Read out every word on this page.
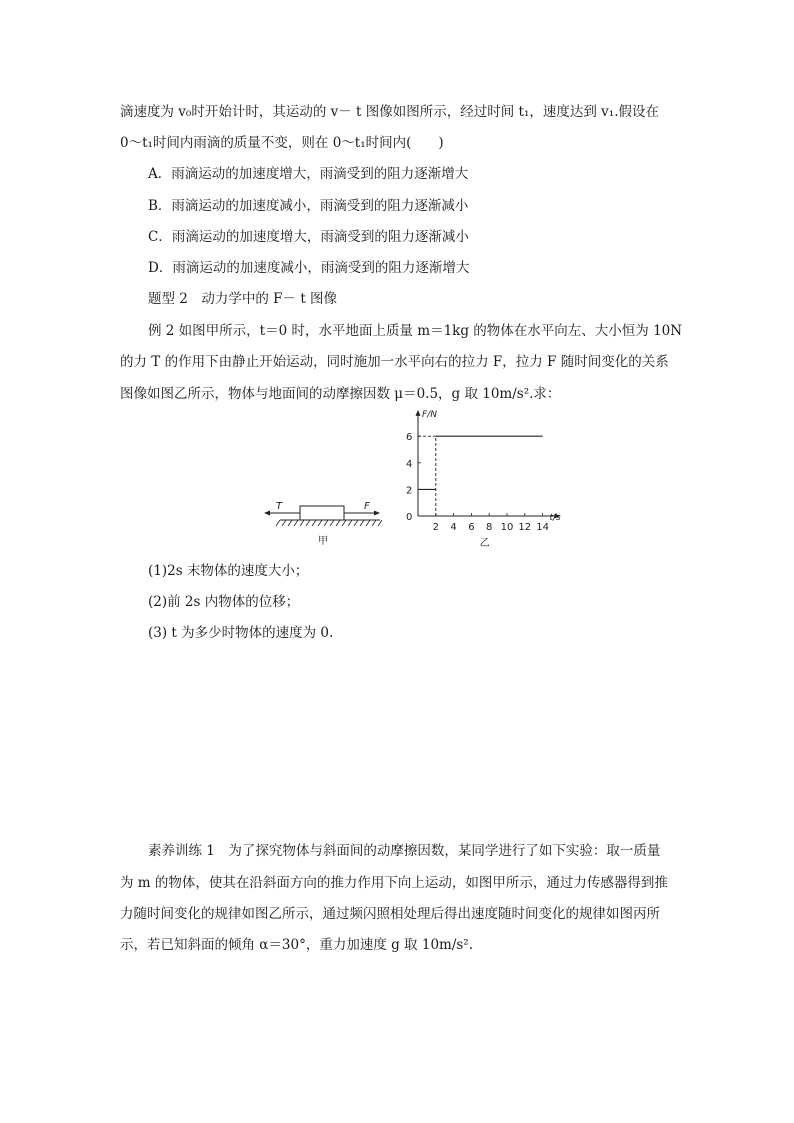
滴速度为 v₀时开始计时，其运动的 v－ t 图像如图所示，经过时间 t₁，速度达到 v₁.假设在
0～t₁时间内雨滴的质量不变，则在 0～t₁时间内(　　)
A．雨滴运动的加速度增大，雨滴受到的阻力逐渐增大
B．雨滴运动的加速度减小，雨滴受到的阻力逐渐减小
C．雨滴运动的加速度增大，雨滴受到的阻力逐渐减小
D．雨滴运动的加速度减小，雨滴受到的阻力逐渐增大
题型 2　动力学中的 F－ t 图像
例 2 如图甲所示，t＝0 时，水平地面上质量 m＝1kg 的物体在水平向左、大小恒为 10N
的力 T 的作用下由静止开始运动，同时施加一水平向右的拉力 F，拉力 F 随时间变化的关系
图像如图乙所示，物体与地面间的动摩擦因数 μ＝0.5，g 取 10m/s².求：
T	F
甲
F/N
t/s
0
2 4 6 8 10 12 14
2
4
6
乙
(1)2s 末物体的速度大小；
(2)前 2s 内物体的位移；
(3) t 为多少时物体的速度为 0.
素养训练 1　为了探究物体与斜面间的动摩擦因数，某同学进行了如下实验：取一质量
为 m 的物体，使其在沿斜面方向的推力作用下向上运动，如图甲所示，通过力传感器得到推
力随时间变化的规律如图乙所示，通过频闪照相处理后得出速度随时间变化的规律如图丙所
示，若已知斜面的倾角 α＝30°，重力加速度 g 取 10m/s².
